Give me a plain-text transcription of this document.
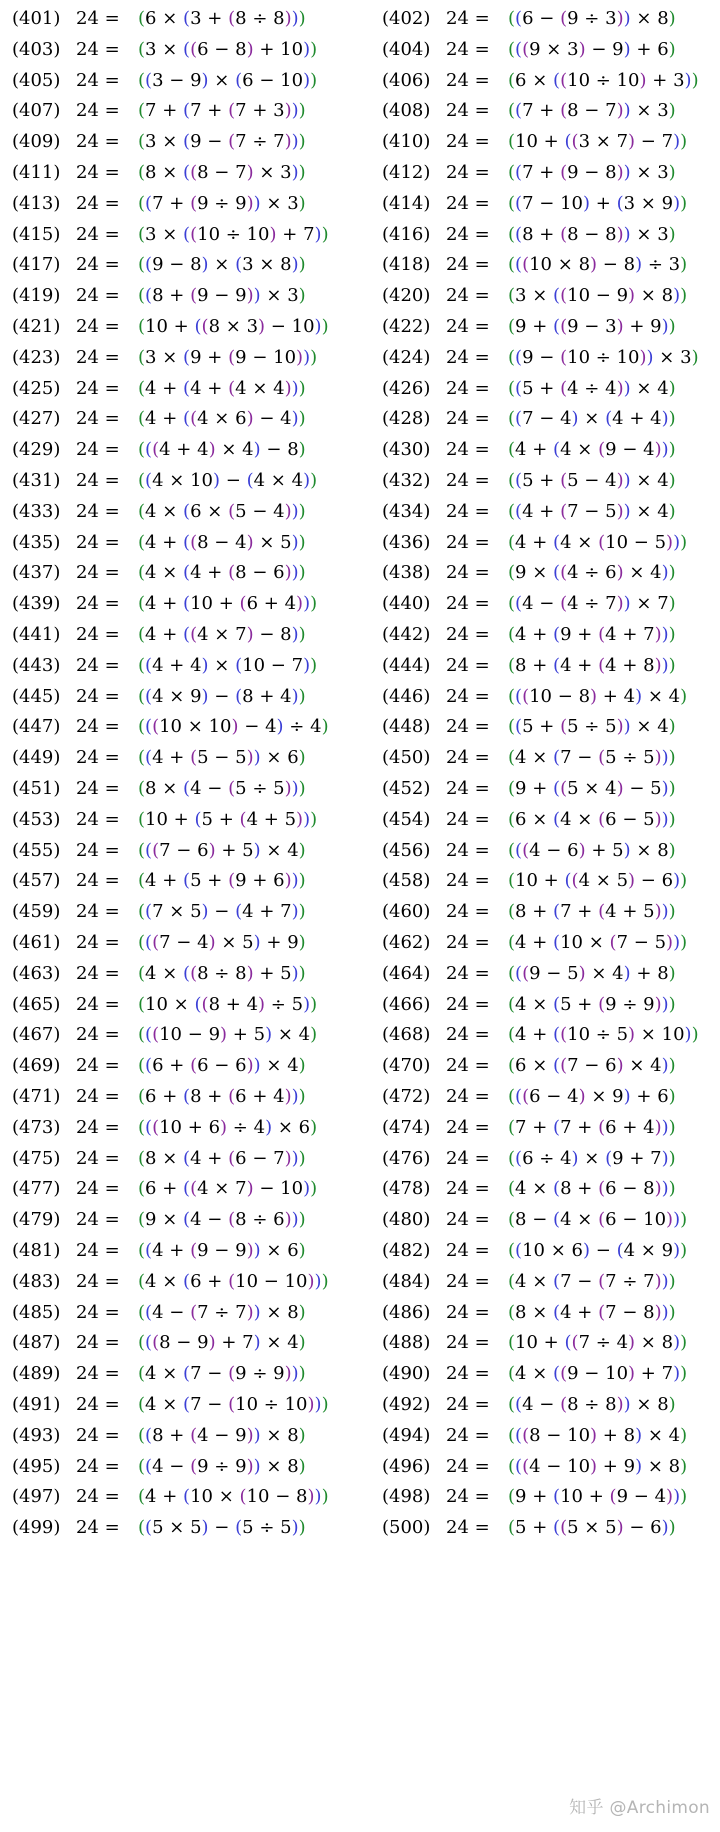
(401) 24 = (6 × (3 + (8 ÷ 8)))
(403) 24 = (3 × ((6 − 8) + 10))
(405) 24 = ((3 − 9) × (6 − 10))
(407) 24 = (7 + (7 + (7 + 3)))
(409) 24 = (3 × (9 − (7 ÷ 7)))
(411) 24 = (8 × ((8 − 7) × 3))
(413) 24 = ((7 + (9 ÷ 9)) × 3)
(415) 24 = (3 × ((10 ÷ 10) + 7))
(417) 24 = ((9 − 8) × (3 × 8))
(419) 24 = ((8 + (9 − 9)) × 3)
(421) 24 = (10 + ((8 × 3) − 10))
(423) 24 = (3 × (9 + (9 − 10)))
(425) 24 = (4 + (4 + (4 × 4)))
(427) 24 = (4 + ((4 × 6) − 4))
(429) 24 = (((4 + 4) × 4) − 8)
(431) 24 = ((4 × 10) − (4 × 4))
(433) 24 = (4 × (6 × (5 − 4)))
(435) 24 = (4 + ((8 − 4) × 5))
(437) 24 = (4 × (4 + (8 − 6)))
(439) 24 = (4 + (10 + (6 + 4)))
(441) 24 = (4 + ((4 × 7) − 8))
(443) 24 = ((4 + 4) × (10 − 7))
(445) 24 = ((4 × 9) − (8 + 4))
(447) 24 = (((10 × 10) − 4) ÷ 4)
(449) 24 = ((4 + (5 − 5)) × 6)
(451) 24 = (8 × (4 − (5 ÷ 5)))
(453) 24 = (10 + (5 + (4 + 5)))
(455) 24 = (((7 − 6) + 5) × 4)
(457) 24 = (4 + (5 + (9 + 6)))
(459) 24 = ((7 × 5) − (4 + 7))
(461) 24 = (((7 − 4) × 5) + 9)
(463) 24 = (4 × ((8 ÷ 8) + 5))
(465) 24 = (10 × ((8 + 4) ÷ 5))
(467) 24 = (((10 − 9) + 5) × 4)
(469) 24 = ((6 + (6 − 6)) × 4)
(471) 24 = (6 + (8 + (6 + 4)))
(473) 24 = (((10 + 6) ÷ 4) × 6)
(475) 24 = (8 × (4 + (6 − 7)))
(477) 24 = (6 + ((4 × 7) − 10))
(479) 24 = (9 × (4 − (8 ÷ 6)))
(481) 24 = ((4 + (9 − 9)) × 6)
(483) 24 = (4 × (6 + (10 − 10)))
(485) 24 = ((4 − (7 ÷ 7)) × 8)
(487) 24 = (((8 − 9) + 7) × 4)
(489) 24 = (4 × (7 − (9 ÷ 9)))
(491) 24 = (4 × (7 − (10 ÷ 10)))
(493) 24 = ((8 + (4 − 9)) × 8)
(495) 24 = ((4 − (9 ÷ 9)) × 8)
(497) 24 = (4 + (10 × (10 − 8)))
(499) 24 = ((5 × 5) − (5 ÷ 5))
(402) 24 = ((6 − (9 ÷ 3)) × 8)
(404) 24 = (((9 × 3) − 9) + 6)
(406) 24 = (6 × ((10 ÷ 10) + 3))
(408) 24 = ((7 + (8 − 7)) × 3)
(410) 24 = (10 + ((3 × 7) − 7))
(412) 24 = ((7 + (9 − 8)) × 3)
(414) 24 = ((7 − 10) + (3 × 9))
(416) 24 = ((8 + (8 − 8)) × 3)
(418) 24 = (((10 × 8) − 8) ÷ 3)
(420) 24 = (3 × ((10 − 9) × 8))
(422) 24 = (9 + ((9 − 3) + 9))
(424) 24 = ((9 − (10 ÷ 10)) × 3)
(426) 24 = ((5 + (4 ÷ 4)) × 4)
(428) 24 = ((7 − 4) × (4 + 4))
(430) 24 = (4 + (4 × (9 − 4)))
(432) 24 = ((5 + (5 − 4)) × 4)
(434) 24 = ((4 + (7 − 5)) × 4)
(436) 24 = (4 + (4 × (10 − 5)))
(438) 24 = (9 × ((4 ÷ 6) × 4))
(440) 24 = ((4 − (4 ÷ 7)) × 7)
(442) 24 = (4 + (9 + (4 + 7)))
(444) 24 = (8 + (4 + (4 + 8)))
(446) 24 = (((10 − 8) + 4) × 4)
(448) 24 = ((5 + (5 ÷ 5)) × 4)
(450) 24 = (4 × (7 − (5 ÷ 5)))
(452) 24 = (9 + ((5 × 4) − 5))
(454) 24 = (6 × (4 × (6 − 5)))
(456) 24 = (((4 − 6) + 5) × 8)
(458) 24 = (10 + ((4 × 5) − 6))
(460) 24 = (8 + (7 + (4 + 5)))
(462) 24 = (4 + (10 × (7 − 5)))
(464) 24 = (((9 − 5) × 4) + 8)
(466) 24 = (4 × (5 + (9 ÷ 9)))
(468) 24 = (4 + ((10 ÷ 5) × 10))
(470) 24 = (6 × ((7 − 6) × 4))
(472) 24 = (((6 − 4) × 9) + 6)
(474) 24 = (7 + (7 + (6 + 4)))
(476) 24 = ((6 ÷ 4) × (9 + 7))
(478) 24 = (4 × (8 + (6 − 8)))
(480) 24 = (8 − (4 × (6 − 10)))
(482) 24 = ((10 × 6) − (4 × 9))
(484) 24 = (4 × (7 − (7 ÷ 7)))
(486) 24 = (8 × (4 + (7 − 8)))
(488) 24 = (10 + ((7 ÷ 4) × 8))
(490) 24 = (4 × ((9 − 10) + 7))
(492) 24 = ((4 − (8 ÷ 8)) × 8)
(494) 24 = (((8 − 10) + 8) × 4)
(496) 24 = (((4 − 10) + 9) × 8)
(498) 24 = (9 + (10 + (9 − 4)))
(500) 24 = (5 + ((5 × 5) − 6))
知乎 @Archimon
